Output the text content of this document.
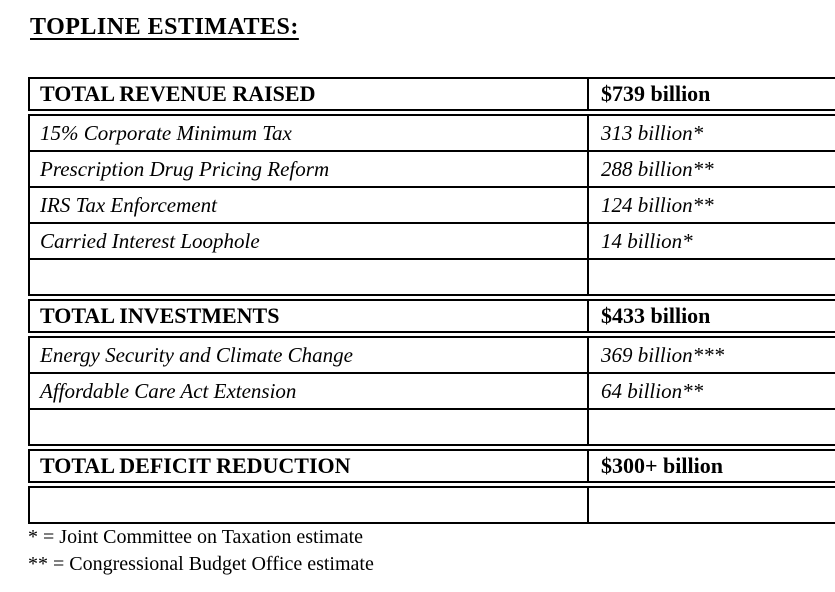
TOPLINE ESTIMATES:
TOTAL REVENUE RAISED	$739 billion
15% Corporate Minimum Tax	313 billion*
Prescription Drug Pricing Reform	288 billion**
IRS Tax Enforcement	124 billion**
Carried Interest Loophole	14 billion*
TOTAL INVESTMENTS	$433 billion
Energy Security and Climate Change	369 billion***
Affordable Care Act Extension	64 billion**
TOTAL DEFICIT REDUCTION	$300+ billion
* = Joint Committee on Taxation estimate
** = Congressional Budget Office estimate
